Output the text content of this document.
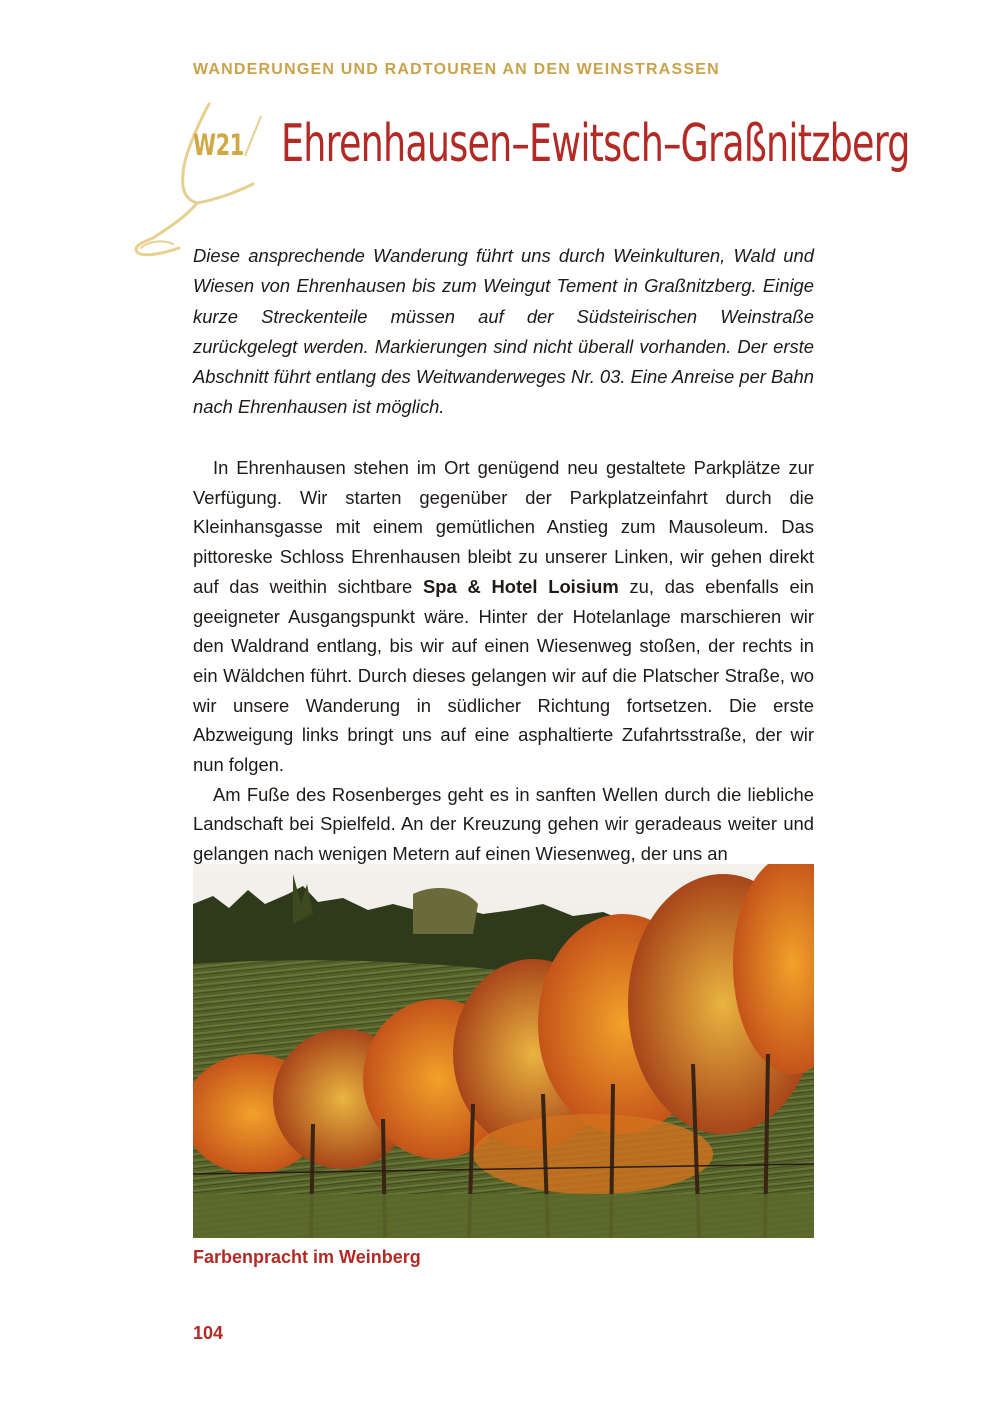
WANDERUNGEN UND RADTOUREN AN DEN WEINSTRASSEN
W21 Ehrenhausen–Ewitsch–Graßnitzberg

Diese ansprechende Wanderung führt uns durch Weinkulturen, Wald und Wiesen von Ehrenhausen bis zum Weingut Tement in Graßnitzberg. Einige kurze Streckenteile müssen auf der Südsteirischen Weinstraße zurückgelegt werden. Markierungen sind nicht überall vorhanden. Der erste Abschnitt führt entlang des Weitwanderweges Nr. 03. Eine Anreise per Bahn nach Ehrenhausen ist möglich.

In Ehrenhausen stehen im Ort genügend neu gestaltete Parkplätze zur Verfügung. Wir starten gegenüber der Parkplatzeinfahrt durch die Kleinhansgasse mit einem gemütlichen Anstieg zum Mausoleum. Das pittoreske Schloss Ehrenhausen bleibt zu unserer Linken, wir gehen direkt auf das weithin sichtbare Spa & Hotel Loisium zu, das ebenfalls ein geeigneter Ausgangspunkt wäre. Hinter der Hotelanlage marschieren wir den Waldrand entlang, bis wir auf einen Wiesenweg stoßen, der rechts in ein Wäldchen führt. Durch dieses gelangen wir auf die Platscher Straße, wo wir unsere Wanderung in südlicher Richtung fortsetzen. Die erste Abzweigung links bringt uns auf eine asphaltierte Zufahrtsstraße, der wir nun folgen.

Am Fuße des Rosenberges geht es in sanften Wellen durch die liebliche Landschaft bei Spielfeld. An der Kreuzung gehen wir geradeaus weiter und gelangen nach wenigen Metern auf einen Wiesenweg, der uns an

Farbenpracht im Weinberg
104
